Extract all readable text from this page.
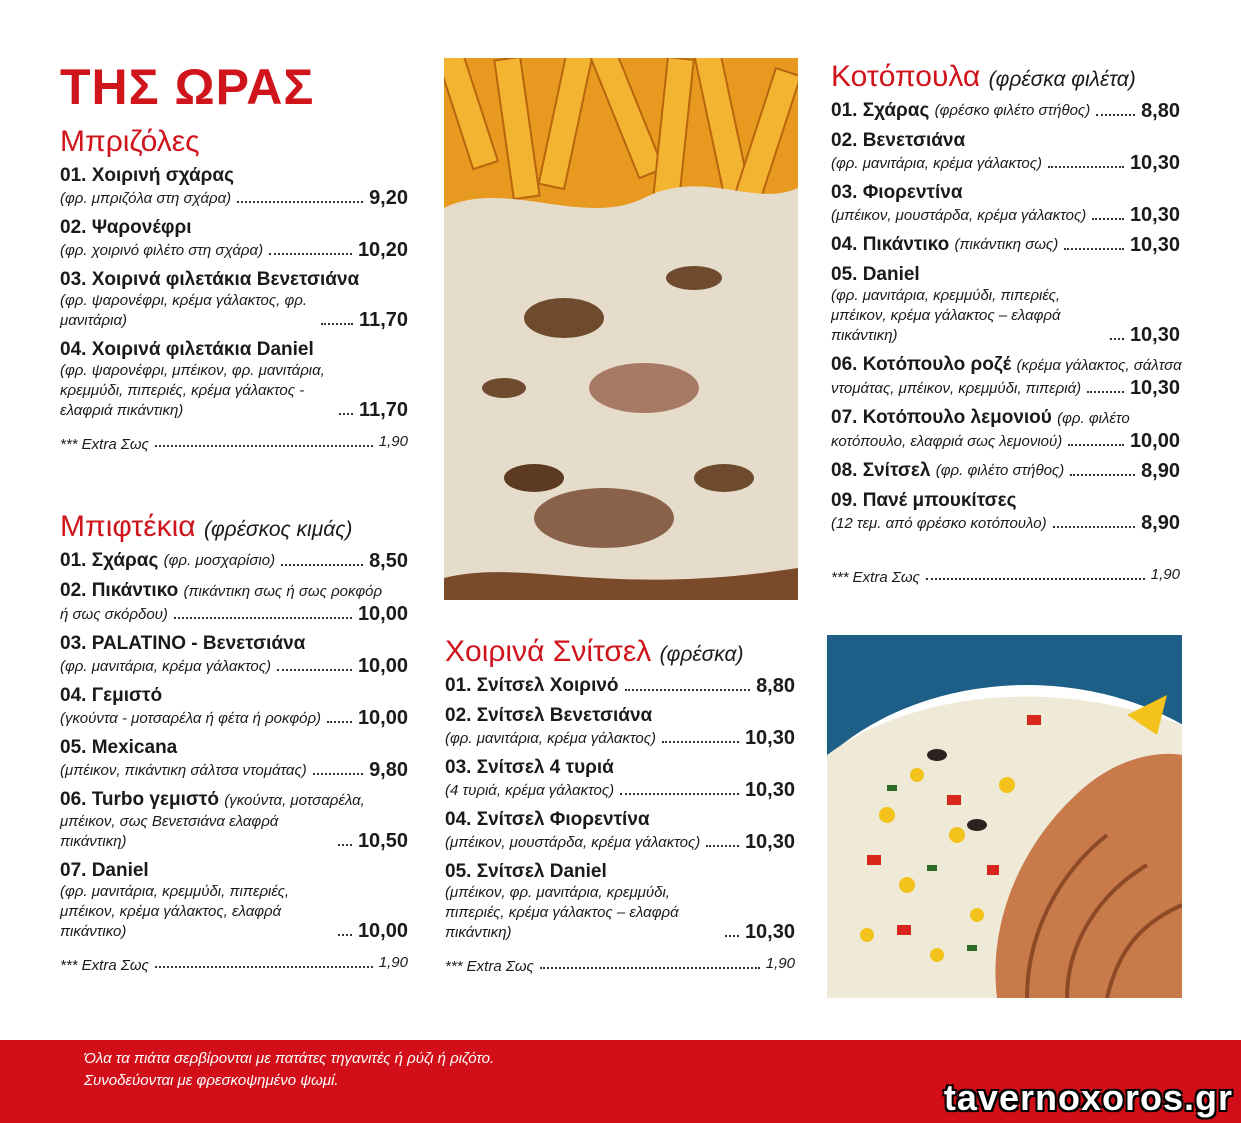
ΤΗΣ ΩΡΑΣ
Μπριζόλες
01. Χοιρινή σχάρας
(φρ. μπριζόλα στη σχάρα)	9,20
02. Ψαρονέφρι
(φρ. χοιρινό φιλέτο στη σχάρα)	10,20
03. Χοιρινά φιλετάκια Βενετσιάνα
(φρ. ψαρονέφρι, κρέμα γάλακτος, φρ. μανιτάρια)	11,70
04. Χοιρινά φιλετάκια Daniel
(φρ. ψαρονέφρι, μπέικον, φρ. μανιτάρια, κρεμμύδι, πιπεριές, κρέμα γάλακτος - ελαφριά πικάντικη)	11,70
*** Extra Σως	1,90
Μπιφτέκια (φρέσκος κιμάς)
01. Σχάρας
(φρ. μοσχαρίσιο)	8,50
02. Πικάντικο (πικάντικη σως ή σως ροκφόρ
ή σως σκόρδου)	10,00
03. PALATINO - Βενετσιάνα
(φρ. μανιτάρια, κρέμα γάλακτος)	10,00
04. Γεμιστό
(γκούντα - μοτσαρέλα ή φέτα ή ροκφόρ) 10,00
05. Mexicana
(μπέικον, πικάντικη σάλτσα ντομάτας)	9,80
06. Turbo γεμιστό (γκούντα, μοτσαρέλα,
μπέικον, σως Βενετσιάνα ελαφρά πικάντικη)	10,50
07. Daniel
(φρ. μανιτάρια, κρεμμύδι, πιπεριές, μπέικον, κρέμα γάλακτος, ελαφρά πικάντικο)	10,00
*** Extra Σως	1,90
Χοιρινά Σνίτσελ (φρέσκα)
01. Σνίτσελ Χοιρινό	8,80
02. Σνίτσελ Βενετσιάνα
(φρ. μανιτάρια, κρέμα γάλακτος)	10,30
03. Σνίτσελ 4 τυριά
(4 τυριά, κρέμα γάλακτος)	10,30
04. Σνίτσελ Φιορεντίνα
(μπέικον, μουστάρδα, κρέμα γάλακτος) 10,30
05. Σνίτσελ Daniel
(μπέικον, φρ. μανιτάρια, κρεμμύδι, πιπεριές, κρέμα γάλακτος – ελαφρά πικάντικη)	10,30
*** Extra Σως	1,90
Κοτόπουλα (φρέσκα φιλέτα)
01. Σχάρας
(φρέσκο φιλέτο στήθος)	8,80
02. Βενετσιάνα
(φρ. μανιτάρια, κρέμα γάλακτος)	10,30
03. Φιορεντίνα
(μπέικον, μουστάρδα, κρέμα γάλακτος) 10,30
04. Πικάντικο
(πικάντικη σως)	10,30
05. Daniel
(φρ. μανιτάρια, κρεμμύδι, πιπεριές, μπέικον, κρέμα γάλακτος – ελαφρά πικάντικη)	10,30
06. Κοτόπουλο ροζέ (κρέμα γάλακτος, σάλτσα
ντομάτας, μπέικον, κρεμμύδι, πιπεριά) 10,30
07. Κοτόπουλο λεμονιού (φρ. φιλέτο
κοτόπουλο, ελαφριά σως λεμονιού)	10,00
08. Σνίτσελ
(φρ. φιλέτο στήθος)	8,90
09. Πανέ μπουκίτσες
(12 τεμ. από φρέσκο κοτόπουλο)	8,90
*** Extra Σως	1,90
Όλα τα πιάτα σερβίρονται με πατάτες τηγανιτές ή ρύζι ή ριζότο.
Συνοδεύονται με φρεσκοψημένο ψωμί.	tavernoxoros.gr
